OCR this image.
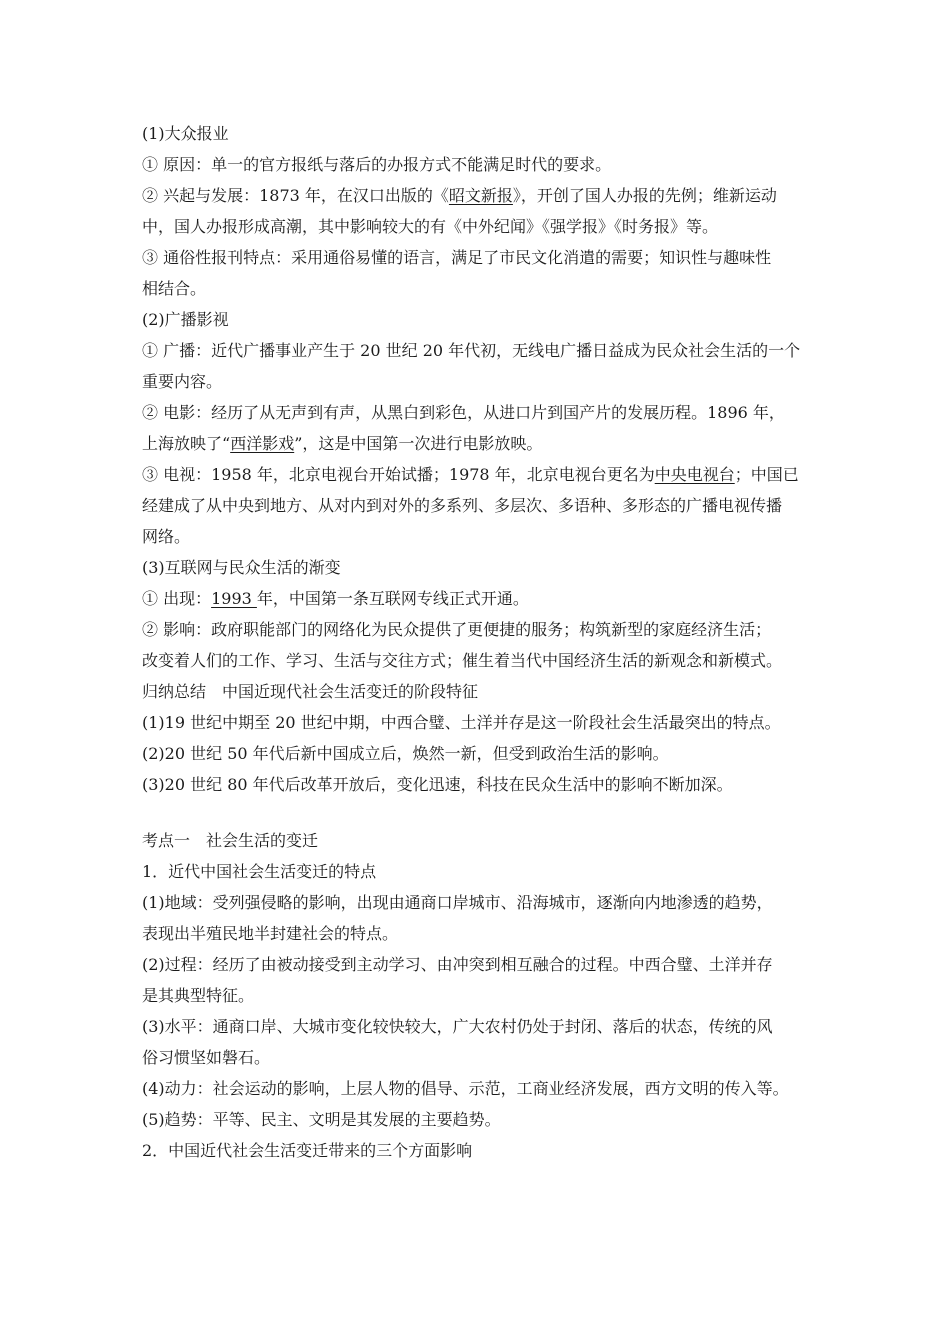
(1)大众报业
① 原因：单一的官方报纸与落后的办报方式不能满足时代的要求。
② 兴起与发展：1873 年，在汉口出版的《昭文新报》，开创了国人办报的先例；维新运动
中，国人办报形成高潮，其中影响较大的有《中外纪闻》《强学报》《时务报》等。
③ 通俗性报刊特点：采用通俗易懂的语言，满足了市民文化消遣的需要；知识性与趣味性
相结合。
(2)广播影视
① 广播：近代广播事业产生于 20 世纪 20 年代初，无线电广播日益成为民众社会生活的一个
重要内容。
② 电影：经历了从无声到有声，从黑白到彩色，从进口片到国产片的发展历程。1896 年，
上海放映了“西洋影戏”，这是中国第一次进行电影放映。
③ 电视：1958 年，北京电视台开始试播；1978 年，北京电视台更名为中央电视台；中国已
经建成了从中央到地方、从对内到对外的多系列、多层次、多语种、多形态的广播电视传播
网络。
(3)互联网与民众生活的渐变
① 出现：1993 年，中国第一条互联网专线正式开通。
② 影响：政府职能部门的网络化为民众提供了更便捷的服务；构筑新型的家庭经济生活；
改变着人们的工作、学习、生活与交往方式；催生着当代中国经济生活的新观念和新模式。
归纳总结　中国近现代社会生活变迁的阶段特征
(1)19 世纪中期至 20 世纪中期，中西合璧、土洋并存是这一阶段社会生活最突出的特点。
(2)20 世纪 50 年代后新中国成立后，焕然一新，但受到政治生活的影响。
(3)20 世纪 80 年代后改革开放后，变化迅速，科技在民众生活中的影响不断加深。
考点一　社会生活的变迁
1．近代中国社会生活变迁的特点
(1)地域：受列强侵略的影响，出现由通商口岸城市、沿海城市，逐渐向内地渗透的趋势，
表现出半殖民地半封建社会的特点。
(2)过程：经历了由被动接受到主动学习、由冲突到相互融合的过程。中西合璧、土洋并存
是其典型特征。
(3)水平：通商口岸、大城市变化较快较大，广大农村仍处于封闭、落后的状态，传统的风
俗习惯坚如磐石。
(4)动力：社会运动的影响，上层人物的倡导、示范，工商业经济发展，西方文明的传入等。
(5)趋势：平等、民主、文明是其发展的主要趋势。
2．中国近代社会生活变迁带来的三个方面影响
